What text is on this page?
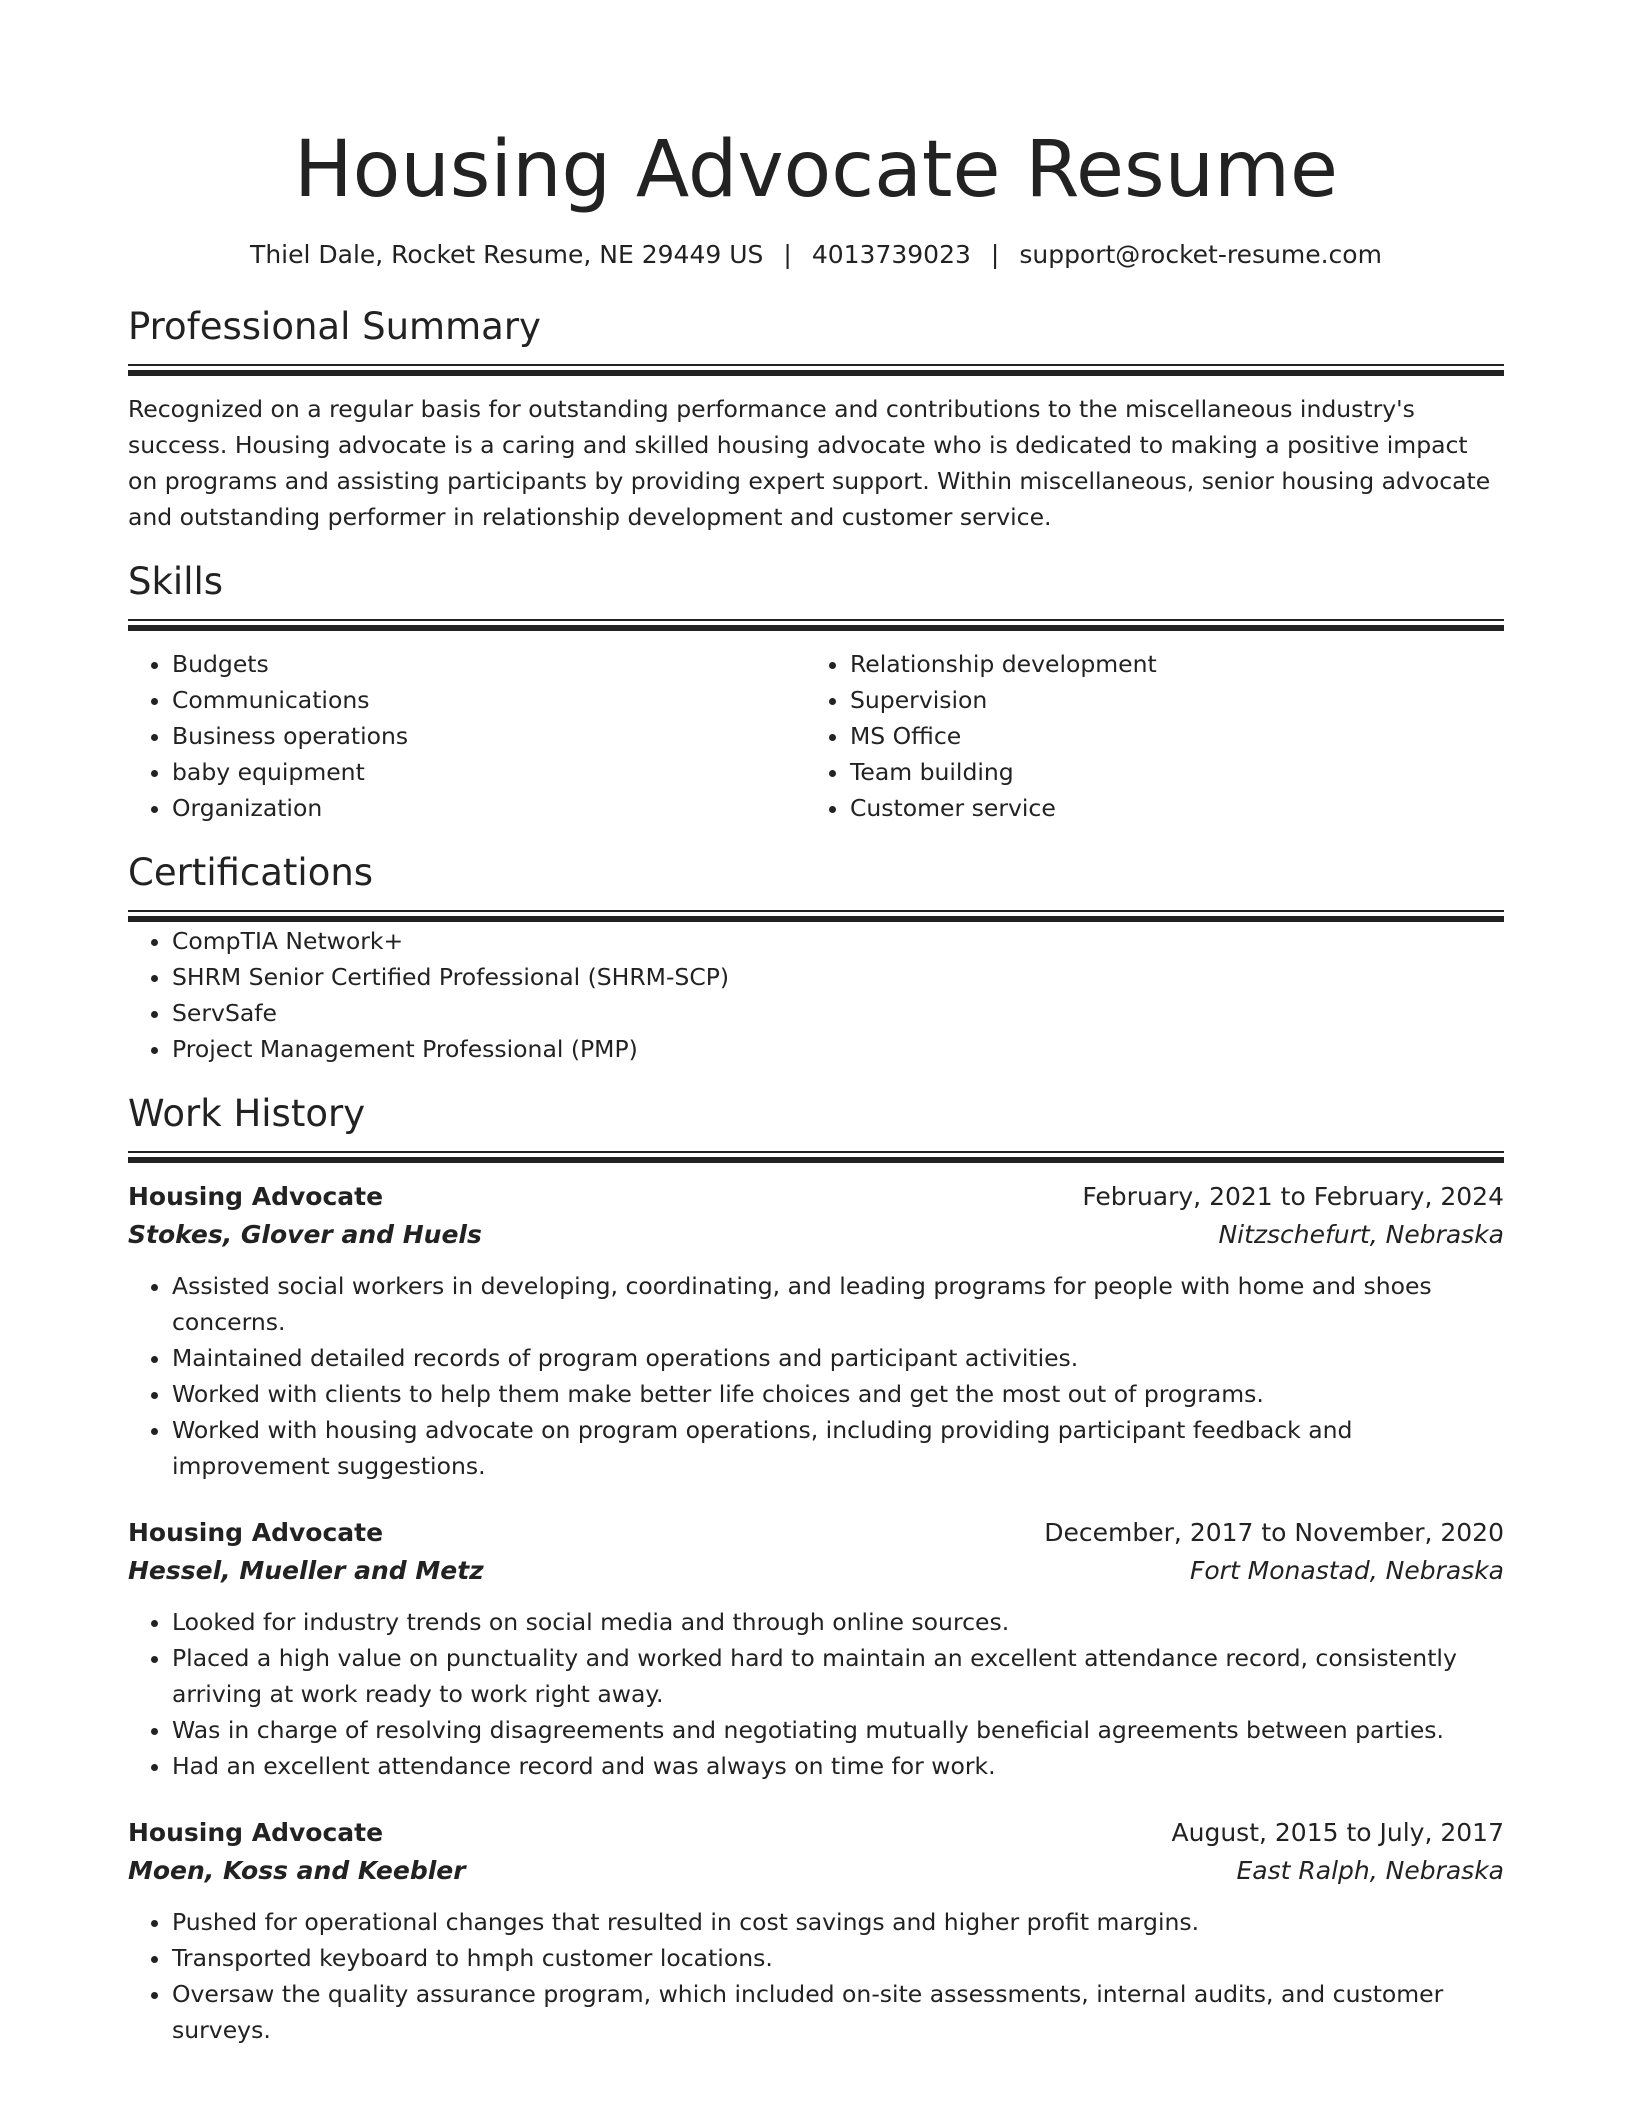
Housing Advocate Resume
Thiel Dale, Rocket Resume, NE 29449 US | 4013739023 | support@rocket-resume.com
Professional Summary

Recognized on a regular basis for outstanding performance and contributions to the miscellaneous industry's success. Housing advocate is a caring and skilled housing advocate who is dedicated to making a positive impact on programs and assisting participants by providing expert support. Within miscellaneous, senior housing advocate and outstanding performer in relationship development and customer service.

Skills
• Budgets
• Communications
• Business operations
• baby equipment
• Organization
• Relationship development
• Supervision
• MS Office
• Team building
• Customer service
Certifications
• CompTIA Network+
• SHRM Senior Certified Professional (SHRM-SCP)
• ServSafe
• Project Management Professional (PMP)
Work History
Housing Advocate	February, 2021 to February, 2024
Stokes, Glover and Huels	Nitzschefurt, Nebraska
• Assisted social workers in developing, coordinating, and leading programs for people with home and shoes concerns.
• Maintained detailed records of program operations and participant activities.
• Worked with clients to help them make better life choices and get the most out of programs.
• Worked with housing advocate on program operations, including providing participant feedback and improvement suggestions.
Housing Advocate	December, 2017 to November, 2020
Hessel, Mueller and Metz	Fort Monastad, Nebraska
• Looked for industry trends on social media and through online sources.
• Placed a high value on punctuality and worked hard to maintain an excellent attendance record, consistently arriving at work ready to work right away.
• Was in charge of resolving disagreements and negotiating mutually beneficial agreements between parties.
• Had an excellent attendance record and was always on time for work.
Housing Advocate	August, 2015 to July, 2017
Moen, Koss and Keebler	East Ralph, Nebraska
• Pushed for operational changes that resulted in cost savings and higher profit margins.
• Transported keyboard to hmph customer locations.
• Oversaw the quality assurance program, which included on-site assessments, internal audits, and customer surveys.
